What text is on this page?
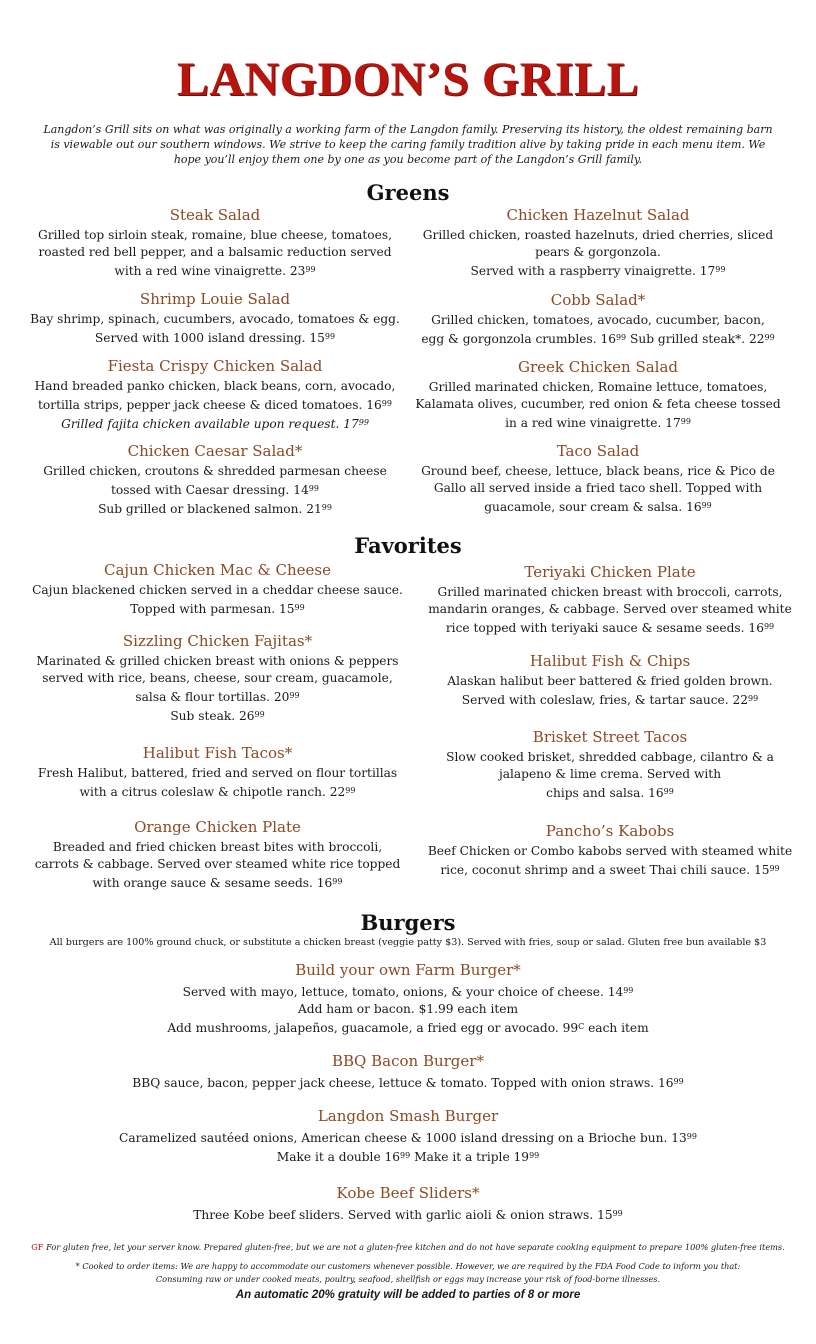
LANGDON’S GRILL
Langdon’s Grill sits on what was originally a working farm of the Langdon family. Preserving its history, the oldest remaining barn is viewable out our southern windows. We strive to keep the caring family tradition alive by taking pride in each menu item. We hope you’ll enjoy them one by one as you become part of the Langdon’s Grill family.
Greens
Steak Salad
Grilled top sirloin steak, romaine, blue cheese, tomatoes,
roasted red bell pepper, and a balsamic reduction served
with a red wine vinaigrette. $23^{99}$
Shrimp Louie Salad
Bay shrimp, spinach, cucumbers, avocado, tomatoes & egg.
Served with 1000 island dressing. $15^{99}$
Fiesta Crispy Chicken Salad
Hand breaded panko chicken, black beans, corn, avocado,
tortilla strips, pepper jack cheese & diced tomatoes. $16^{99}$
Grilled fajita chicken available upon request. $17^{99}$
Chicken Caesar Salad*
Grilled chicken, croutons & shredded parmesan cheese
tossed with Caesar dressing. $14^{99}$
Sub grilled or blackened salmon. $21^{99}$
Chicken Hazelnut Salad
Grilled chicken, roasted hazelnuts, dried cherries, sliced
pears & gorgonzola.
Served with a raspberry vinaigrette. $17^{99}$
Cobb Salad*
Grilled chicken, tomatoes, avocado, cucumber, bacon,
egg & gorgonzola crumbles. $16^{99}$ Sub grilled steak*. $22^{99}$
Greek Chicken Salad
Grilled marinated chicken, Romaine lettuce, tomatoes,
Kalamata olives, cucumber, red onion & feta cheese tossed
in a red wine vinaigrette. $17^{99}$
Taco Salad
Ground beef, cheese, lettuce, black beans, rice & Pico de
Gallo all served inside a fried taco shell. Topped with
guacamole, sour cream & salsa. $16^{99}$
Favorites
Cajun Chicken Mac & Cheese
Cajun blackened chicken served in a cheddar cheese sauce.
Topped with parmesan. $15^{99}$
Sizzling Chicken Fajitas*
Marinated & grilled chicken breast with onions & peppers
served with rice, beans, cheese, sour cream, guacamole,
salsa & flour tortillas. $20^{99}$
Sub steak. $26^{99}$
Halibut Fish Tacos*
Fresh Halibut, battered, fried and served on flour tortillas
with a citrus coleslaw & chipotle ranch. $22^{99}$
Orange Chicken Plate
Breaded and fried chicken breast bites with broccoli,
carrots & cabbage. Served over steamed white rice topped
with orange sauce & sesame seeds. $16^{99}$
Teriyaki Chicken Plate
Grilled marinated chicken breast with broccoli, carrots,
mandarin oranges, & cabbage. Served over steamed white
rice topped with teriyaki sauce & sesame seeds. $16^{99}$
Halibut Fish & Chips
Alaskan halibut beer battered & fried golden brown.
Served with coleslaw, fries, & tartar sauce. $22^{99}$
Brisket Street Tacos
Slow cooked brisket, shredded cabbage, cilantro & a
jalapeno & lime crema. Served with
chips and salsa. $16^{99}$
Pancho’s Kabobs
Beef Chicken or Combo kabobs served with steamed white
rice, coconut shrimp and a sweet Thai chili sauce. $15^{99}$
Burgers
All burgers are 100% ground chuck, or substitute a chicken breast (veggie patty $3). Served with fries, soup or salad. Gluten free bun available $3
Build your own Farm Burger*
Served with mayo, lettuce, tomato, onions, & your choice of cheese. $14^{99}$
Add ham or bacon. $1.99 each item
Add mushrooms, jalapeños, guacamole, a fried egg or avocado. $99^C$ each item
BBQ Bacon Burger*
BBQ sauce, bacon, pepper jack cheese, lettuce & tomato. Topped with onion straws. $16^{99}$
Langdon Smash Burger
Caramelized sautéed onions, American cheese & 1000 island dressing on a Brioche bun. $13^{99}$
Make it a double $16^{99}$ Make it a triple $19^{99}$
Kobe Beef Sliders*
Three Kobe beef sliders. Served with garlic aioli & onion straws. $15^{99}$
GF For gluten free, let your server know. Prepared gluten-free, but we are not a gluten-free kitchen and do not have separate cooking equipment to prepare 100% gluten-free items.
* Cooked to order items: We are happy to accommodate our customers whenever possible. However, we are required by the FDA Food Code to inform you that:
Consuming raw or under cooked meats, poultry, seafood, shellfish or eggs may increase your risk of food-borne illnesses.
An automatic 20% gratuity will be added to parties of 8 or more
